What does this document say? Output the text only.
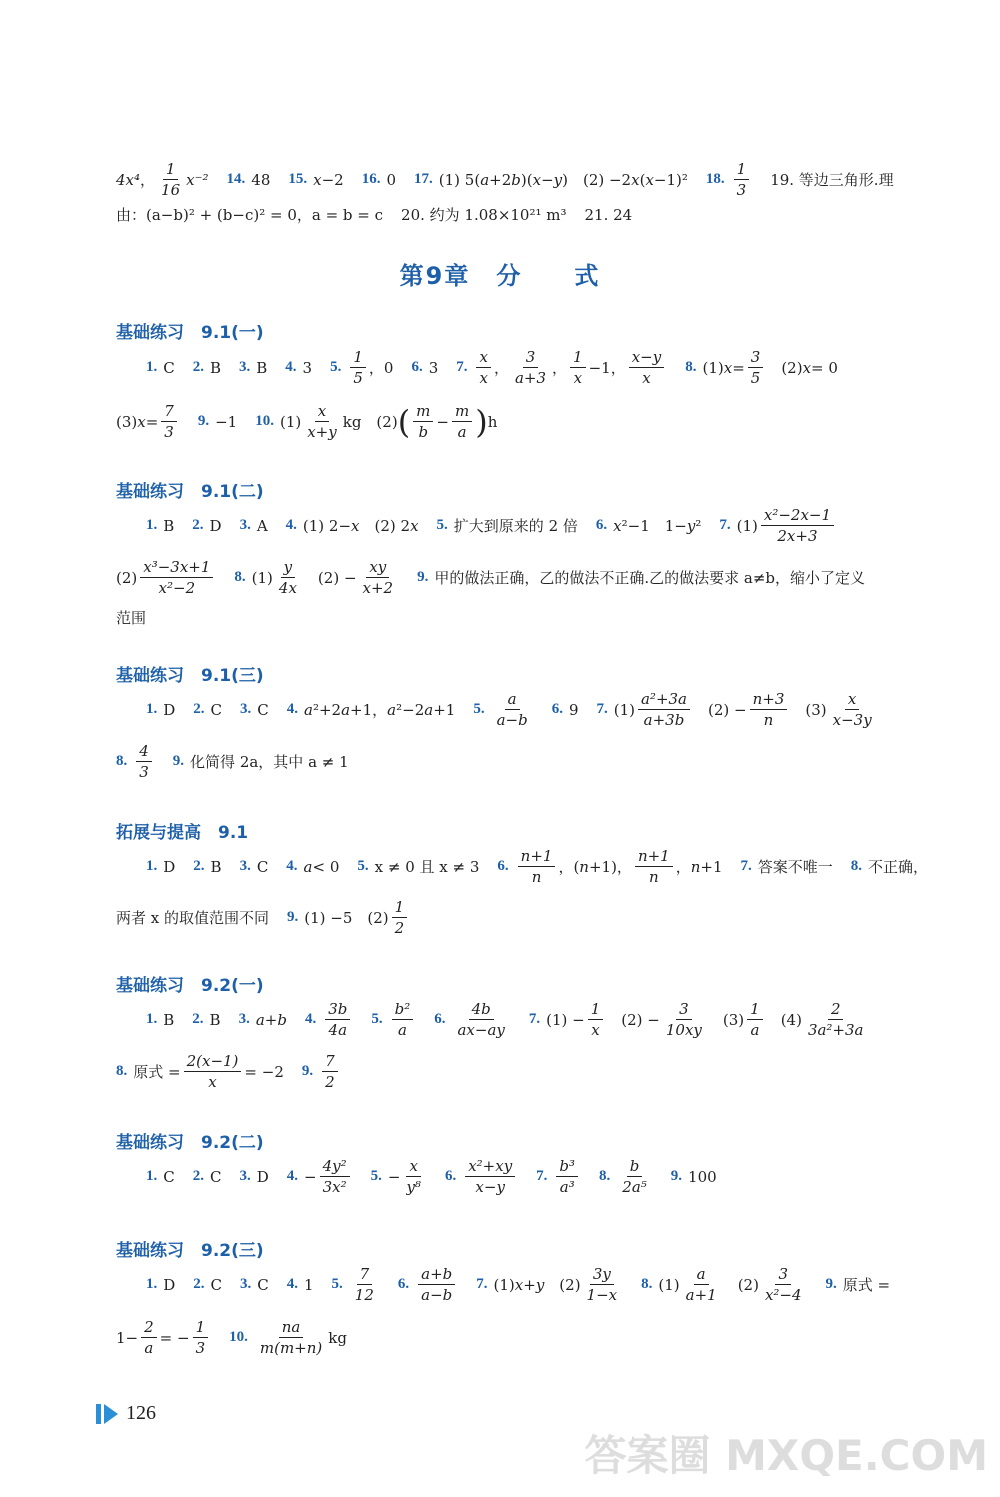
4x⁴ ， $\frac{1}{16} x^{-2}$ 14. 48 15. x −2 16. 0 17. (1) 5( a +2 b )( x − y )　(2) −2 x ( x −1)² 18. $\frac{1}{3} 19$. 等边三角形.理
由：(a−b)² + (b−c)² = 0，a = b = c 20. 约为 1.08×10²¹ m³ 21. 24
第9章　分　　式
基础练习　9.1(一)
1. C 2. B 3. B 4. 3 5. $\frac{1}{5}$ ，0 6. 3 7. $\frac{x}{x}$ ， $\frac{3}{a+3}$ ， $\frac{1}{x} -1$， $\frac{x-y}{x} 8$. (1) $x = \frac{3}{5}$ 　(2) x = 0
(3) $x = \frac{7}{3} 9$. −1 10. $(1) \frac{x}{x+y}$ kg　(2) ( $\frac{m}{b} - \frac{m}{a}$ ) h
基础练习　9.1(二)
1. B 2. D 3. A 4. (1) 2− x 　(2) 2 x 5. 扩大到原来的 2 倍 6. x ²−1　1− y ² 7. $(1) \frac{\text{x²−2x−1}}{2x+3}$
$(2) \frac{\text{x³−3x+1}}{\text{x²−2}} 8$. $(1) \frac{y}{4x}$ 　$(2) - \frac{xy}{x+2} 9$. 甲的做法正确，乙的做法不正确.乙的做法要求 a≠b，缩小了定义
范围
基础练习　9.1(三)
1. D 2. C 3. C 4. a ²+2 a +1， a ²−2 a +1 5. $\frac{a}{a-b} 6$. 9 7. $(1) \frac{\text{a²+3a}}{a+3b}$ 　$(2) - \frac{n+3}{n}$ 　$(3) \frac{x}{x-3y}$
8. $\frac{4}{3} 9$. 化简得 2a，其中 a ≠ 1
拓展与提高　9.1
1. D 2. B 3. C 4. a < 0 5. x ≠ 0 且 x ≠ 3 6. $\frac{n+1}{n}$ ，( n +1)， $\frac{n+1}{n}$ ， n +1 7. 答案不唯一 8. 不正确，
两者 x 的取值范围不同 9. (1) −5　$(2) \frac{1}{2}$
基础练习　9.2(一)
1. B 2. B 3. a + b 4. $\frac{3b}{4a} 5$. $\frac{\text{b²}}{a} 6$. $\frac{4b}{ax-ay} 7$. $(1) - \frac{1}{x}$ 　$(2) - \frac{3}{10xy}$ 　$(3) \frac{1}{a}$ 　$(4) \frac{2}{\text{3a²+3a}}$
8. 原式 = $\frac{2(x-1)}{x} = -2$ 9. $\frac{7}{2}$
基础练习　9.2(二)
1. C 2. C 3. D 4. − $\frac{\text{4y²}}{\text{3x²}} 5$. − $\frac{x}{\text{y⁸}} 6$. $\frac{\text{x²+xy}}{x-y} 7$. $\frac{\text{b³}}{\text{a³}} 8$. $\frac{b}{\text{2a⁵}} 9$. 100
基础练习　9.2(三)
1. D 2. C 3. C 4. 1 5. $\frac{7}{12} 6$. $\frac{a+b}{a-b} 7$. (1) x + y 　$(2) \frac{3y}{1-x} 8$. $(1) \frac{a}{a+1}$ 　$(2) \frac{3}{\text{x²−4}} 9$. 原式 =
$1- \frac{2}{a}$ = − $\frac{1}{3} 10$. $\frac{na}{m(m+n)}$ kg
126
答案圈 MXQE.COM
